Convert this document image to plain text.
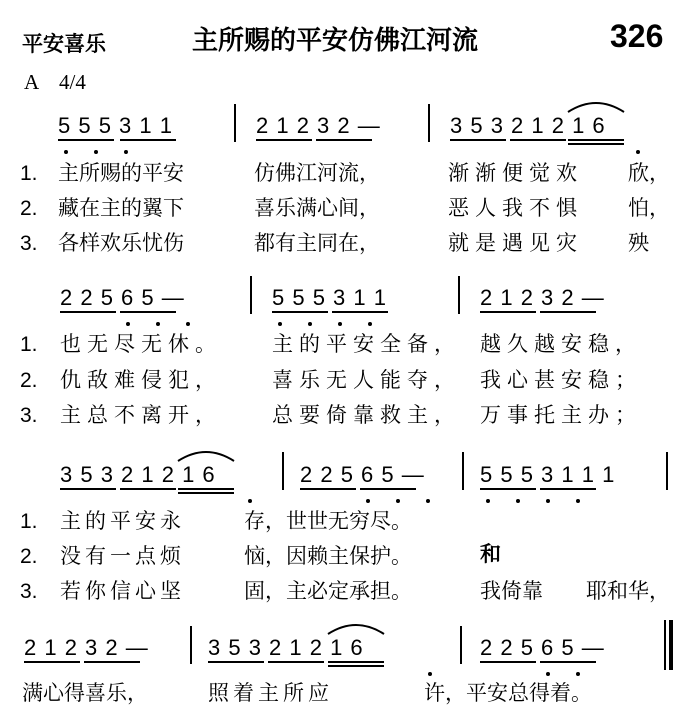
平安喜乐	主所赐的平安仿佛江河流	326
A 4/4
5 5 5 3 1 1	2 1 2 3 2 —	3 5 3 2 1 2 1 6
1. 主所赐的平安	仿佛江河流，	渐渐便觉欢 欣，
2. 藏在主的翼下	喜乐满心间，	恶人我不惧 怕，
3. 各样欢乐忧伤	都有主同在，	就是遇见灾 殃
2 2 5 6 5 —	5 5 5 3 1 1	2 1 2 3 2 —
1. 也无尽无休。 主的平安全备， 越久越安稳，
2. 仇敌难侵犯， 喜乐无人能夺， 我心甚安稳；
3. 主总不离开， 总要倚靠救主， 万事托主办；
3 5 3 2 1 2 1 6	2 2 5 6 5 —	5 5 5 3 1 1 1
1. 主的平安永	存，世世无穷尽。
2. 没有一点烦	恼，因赖主保护。	和
3. 若你信心坚	固，主必定承担。	我倚靠 耶和华，
2 1 2 3 2 —	3 5 3 2 1 2 1 6	2 2 5 6 5 —
满心得喜乐，	照着主所应	许，平安总得着。
